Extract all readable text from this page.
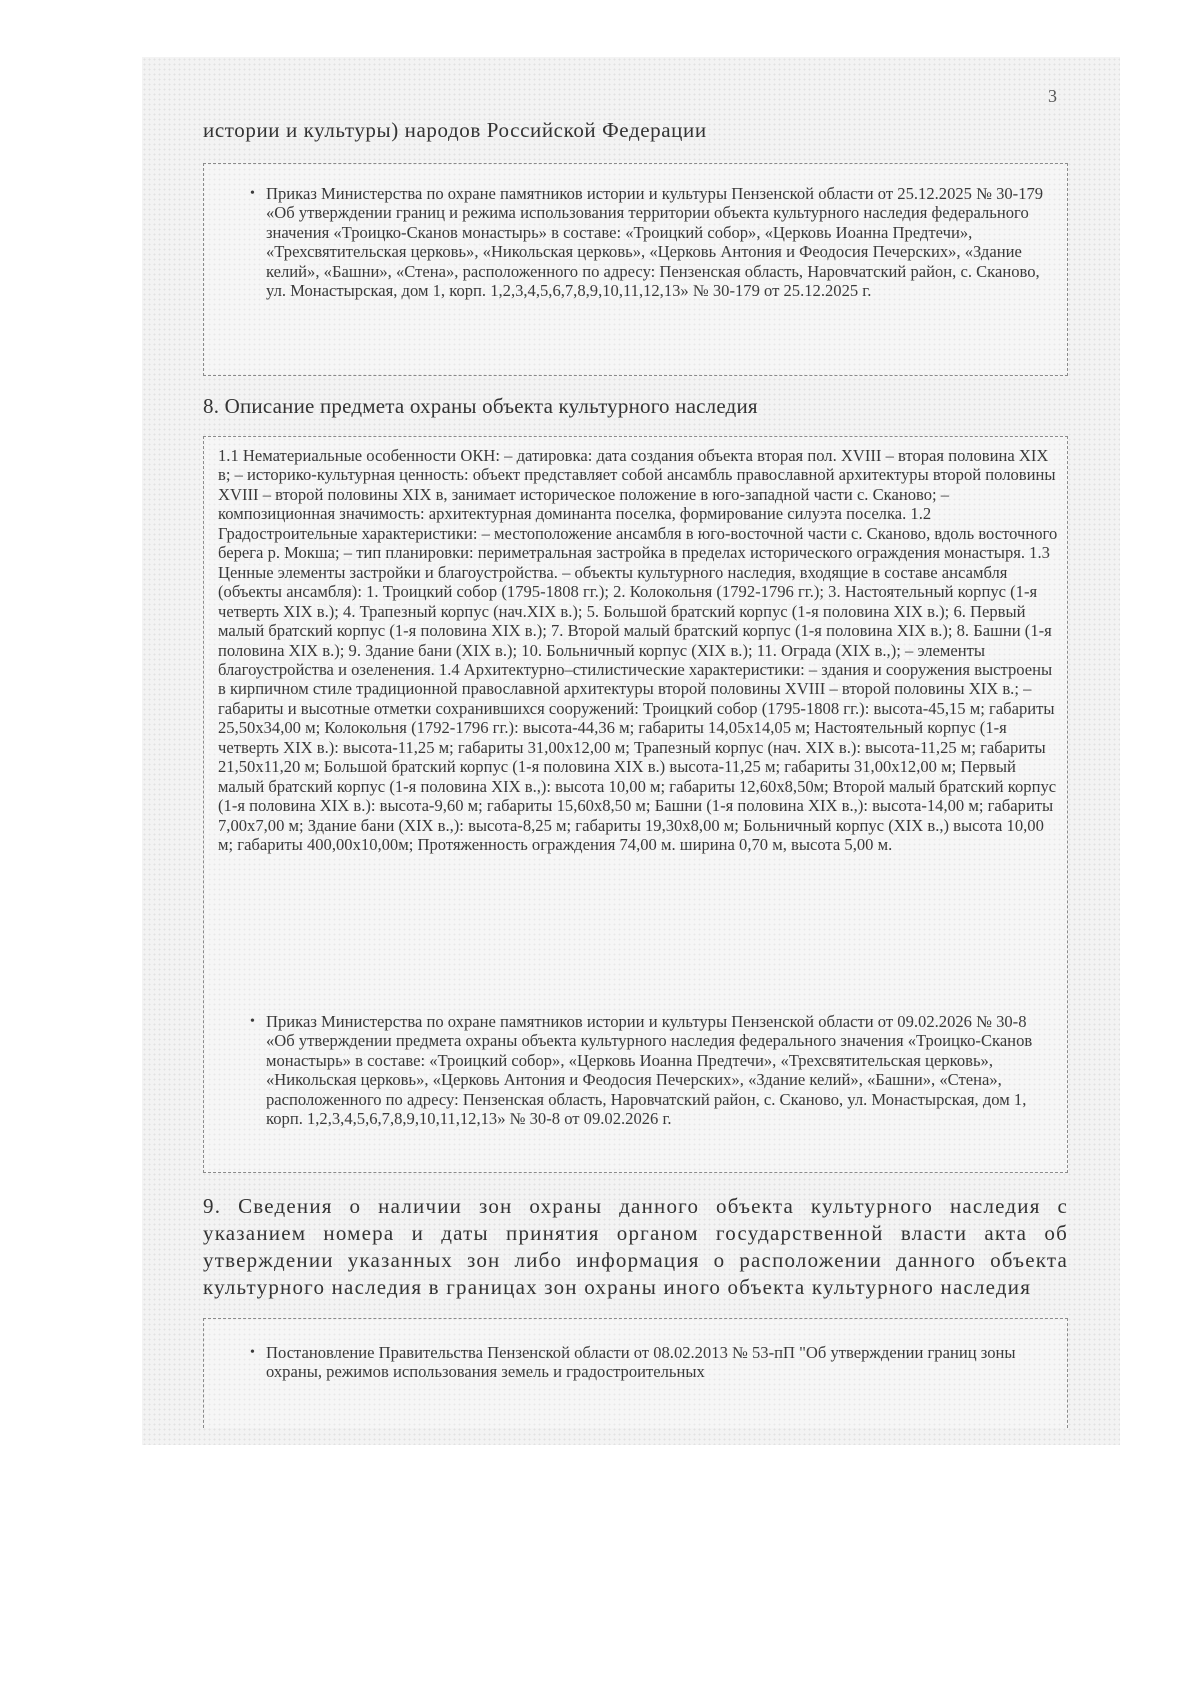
3
истории и культуры) народов Российской Федерации
• Приказ Министерства по охране памятников истории и культуры Пензенской области от 25.12.2025 № 30-179 «Об утверждении границ и режима использования территории объекта культурного наследия федерального значения «Троицко-Сканов монастырь» в составе: «Троицкий собор», «Церковь Иоанна Предтечи», «Трехсвятительская церковь», «Никольская церковь», «Церковь Антония и Феодосия Печерских», «Здание келий», «Башни», «Стена», расположенного по адресу: Пензенская область, Наровчатский район, с. Сканово, ул. Монастырская, дом 1, корп. 1,2,3,4,5,6,7,8,9,10,11,12,13» № 30-179 от 25.12.2025 г.
8. Описание предмета охраны объекта культурного наследия
1.1 Нематериальные особенности ОКН: – датировка: дата создания объекта вторая пол. XVIII – вторая половина XIX в; – историко-культурная ценность: объект представляет собой ансамбль православной архитектуры второй половины XVIII – второй половины XIX в, занимает историческое положение в юго-западной части с. Сканово; – композиционная значимость: архитектурная доминанта поселка, формирование силуэта поселка. 1.2 Градостроительные характеристики: – местоположение ансамбля в юго-восточной части с. Сканово, вдоль восточного берега р. Мокша; – тип планировки: периметральная застройка в пределах исторического ограждения монастыря. 1.3 Ценные элементы застройки и благоустройства. – объекты культурного наследия, входящие в составе ансамбля (объекты ансамбля): 1. Троицкий собор (1795-1808 гг.); 2. Колокольня (1792-1796 гг.); 3. Настоятельный корпус (1-я четверть XIX в.); 4. Трапезный корпус (нач.XIX в.); 5. Большой братский корпус (1-я половина XIX в.); 6. Первый малый братский корпус (1-я половина XIX в.); 7. Второй малый братский корпус (1-я половина XIX в.); 8. Башни (1-я половина XIX в.); 9. Здание бани (XIX в.); 10. Больничный корпус (XIX в.); 11. Ограда (XIX в.,); – элементы благоустройства и озеленения. 1.4 Архитектурно–стилистические характеристики: – здания и сооружения выстроены в кирпичном стиле традиционной православной архитектуры второй половины XVIII – второй половины XIX в.; – габариты и высотные отметки сохранившихся сооружений: Троицкий собор (1795-1808 гг.): высота-45,15 м; габариты 25,50х34,00 м; Колокольня (1792-1796 гг.): высота-44,36 м; габариты 14,05х14,05 м; Настоятельный корпус (1-я четверть XIX в.): высота-11,25 м; габариты 31,00х12,00 м; Трапезный корпус (нач. XIX в.): высота-11,25 м; габариты 21,50х11,20 м; Большой братский корпус (1-я половина XIX в.) высота-11,25 м; габариты 31,00х12,00 м; Первый малый братский корпус (1-я половина XIX в.,): высота 10,00 м; габариты 12,60х8,50м; Второй малый братский корпус (1-я половина XIX в.): высота-9,60 м; габариты 15,60х8,50 м; Башни (1-я половина XIX в.,): высота-14,00 м; габариты 7,00х7,00 м; Здание бани (XIX в.,): высота-8,25 м; габариты 19,30х8,00 м; Больничный корпус (XIX в.,) высота 10,00 м; габариты 400,00х10,00м; Протяженность ограждения 74,00 м. ширина 0,70 м, высота 5,00 м.
• Приказ Министерства по охране памятников истории и культуры Пензенской области от 09.02.2026 № 30-8 «Об утверждении предмета охраны объекта культурного наследия федерального значения «Троицко-Сканов монастырь» в составе: «Троицкий собор», «Церковь Иоанна Предтечи», «Трехсвятительская церковь», «Никольская церковь», «Церковь Антония и Феодосия Печерских», «Здание келий», «Башни», «Стена», расположенного по адресу: Пензенская область, Наровчатский район, с. Сканово, ул. Монастырская, дом 1, корп. 1,2,3,4,5,6,7,8,9,10,11,12,13» № 30-8 от 09.02.2026 г.
9. Сведения о наличии зон охраны данного объекта культурного наследия с указанием номера и даты принятия органом государственной власти акта об утверждении указанных зон либо информация о расположении данного объекта культурного наследия в границах зон охраны иного объекта культурного наследия
• Постановление Правительства Пензенской области от 08.02.2013 № 53-пП "Об утверждении границ зоны охраны, режимов использования земель и градостроительных
